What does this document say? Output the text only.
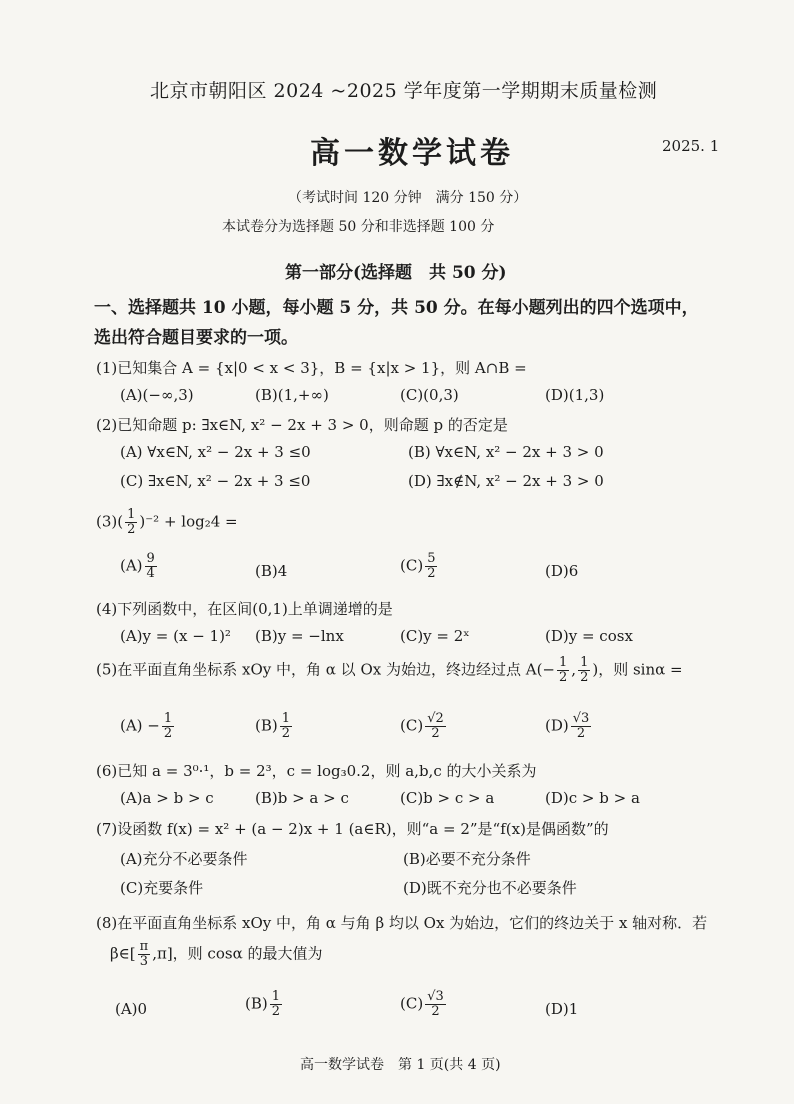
北京市朝阳区 2024 ~2025 学年度第一学期期末质量检测
高一数学试卷	2025. 1
（考试时间 120 分钟　满分 150 分）
本试卷分为选择题 50 分和非选择题 100 分
第一部分(选择题　共 50 分)
一、选择题共 10 小题，每小题 5 分，共 50 分。在每小题列出的四个选项中，选出符合题目要求的一项。
(1)已知集合 A = {x|0 < x < 3}，B = {x|x > 1}，则 A∩B =
(A)(−∞,3)	(B)(1,+∞)	(C)(0,3)	(D)(1,3)
(2)已知命题 p: ∃x∈N, x² − 2x + 3 > 0，则命题 p 的否定是
(A) ∀x∈N, x² − 2x + 3 ≤0	(B) ∀x∈N, x² − 2x + 3 > 0
(C) ∃x∈N, x² − 2x + 3 ≤0	(D) ∃x∉N, x² − 2x + 3 > 0
$(3)( \frac{1}{2} )^{-2} + \log_24$ =
$(A) \frac{9}{4}$	(B)4	$(C) \frac{5}{2}$	(D)6
(4)下列函数中，在区间(0,1)上单调递增的是
(A)y = (x − 1)² (B)y = −lnx	(C)y = 2ˣ	(D)y = cosx
(5)在平面直角坐标系 xOy 中，角 α 以 Ox 为始边，终边经过点 $A(- \frac{1}{2}$ , $\frac{1}{2}$ )，则 sinα =
$(A) - \frac{1}{2}$	$(B) \frac{1}{2}$	$(C) \frac{√2}{2}$	$(D) \frac{√3}{2}$
(6)已知 a = 3⁰·¹，b = 2³，c = log₃0.2，则 a,b,c 的大小关系为
(A)a > b > c	(B)b > a > c	(C)b > c > a	(D)c > b > a
(7)设函数 f(x) = x² + (a − 2)x + 1 (a∈R)，则“a = 2”是“f(x)是偶函数”的
(A)充分不必要条件	(B)必要不充分条件
(C)充要条件	(D)既不充分也不必要条件
(8)在平面直角坐标系 xOy 中，角 α 与角 β 均以 Ox 为始边，它们的终边关于 x 轴对称．若
β∈[ $\frac{\pi}{3} ,\pi$]，则 cosα 的最大值为
(A)0	$(B) \frac{1}{2}$	$(C) \frac{√3}{2}$	(D)1
高一数学试卷　第 1 页(共 4 页)
